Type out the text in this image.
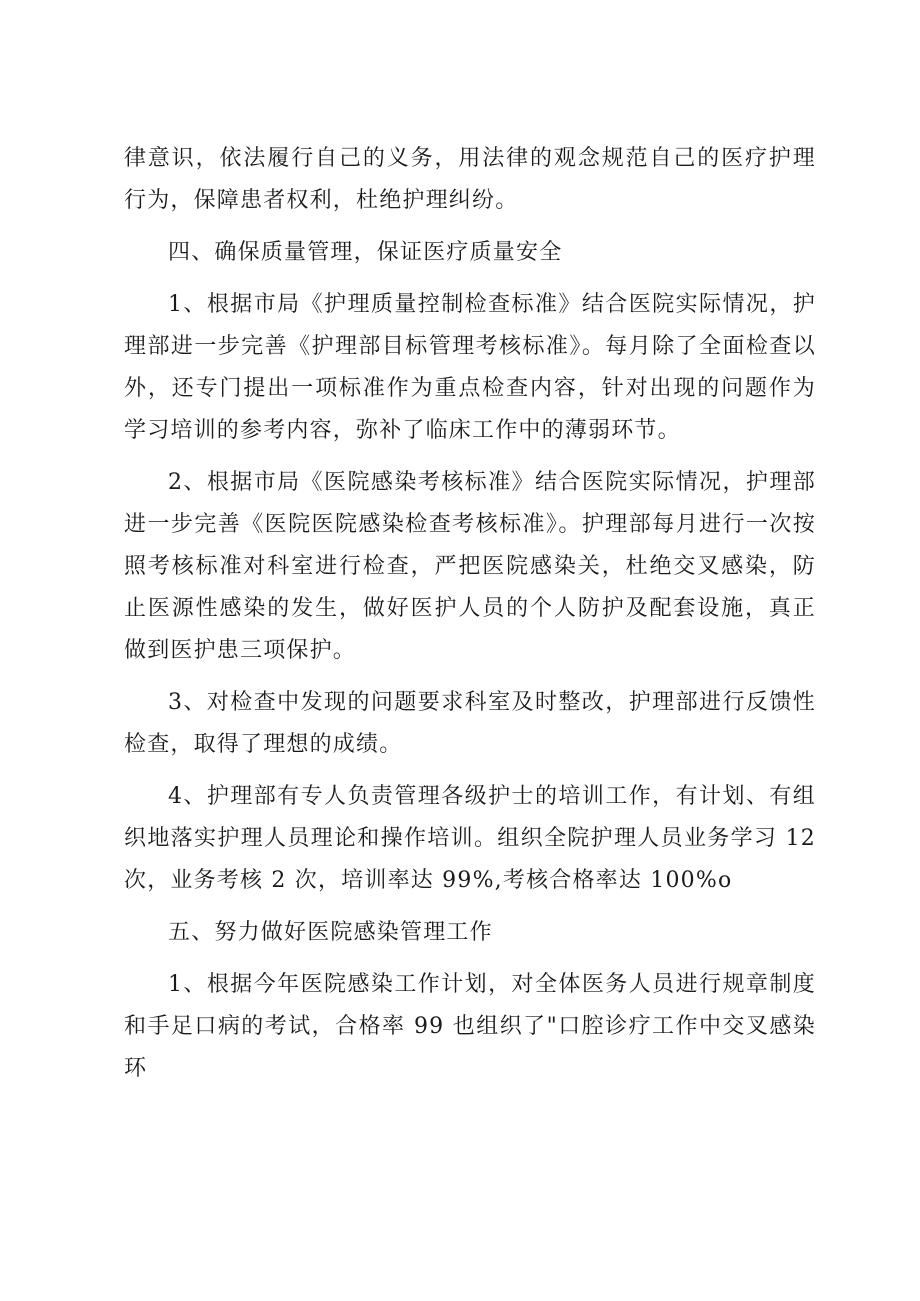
律意识，依法履行自己的义务，用法律的观念规范自己的医疗护理行为，保障患者权利，杜绝护理纠纷。

四、确保质量管理，保证医疗质量安全

1、根据市局《护理质量控制检查标准》结合医院实际情况，护理部进一步完善《护理部目标管理考核标准》。每月除了全面检查以外，还专门提出一项标准作为重点检查内容，针对出现的问题作为学习培训的参考内容，弥补了临床工作中的薄弱环节。

2、根据市局《医院感染考核标准》结合医院实际情况，护理部进一步完善《医院医院感染检查考核标准》。护理部每月进行一次按照考核标准对科室进行检查，严把医院感染关，杜绝交叉感染，防止医源性感染的发生，做好医护人员的个人防护及配套设施，真正做到医护患三项保护。

3、对检查中发现的问题要求科室及时整改，护理部进行反馈性检查，取得了理想的成绩。

4、护理部有专人负责管理各级护士的培训工作，有计划、有组织地落实护理人员理论和操作培训。组织全院护理人员业务学习 12 次，业务考核 2 次，培训率达 99%,考核合格率达 100%o

五、努力做好医院感染管理工作

1、根据今年医院感染工作计划，对全体医务人员进行规章制度和手足口病的考试，合格率 99 也组织了"口腔诊疗工作中交叉感染环
